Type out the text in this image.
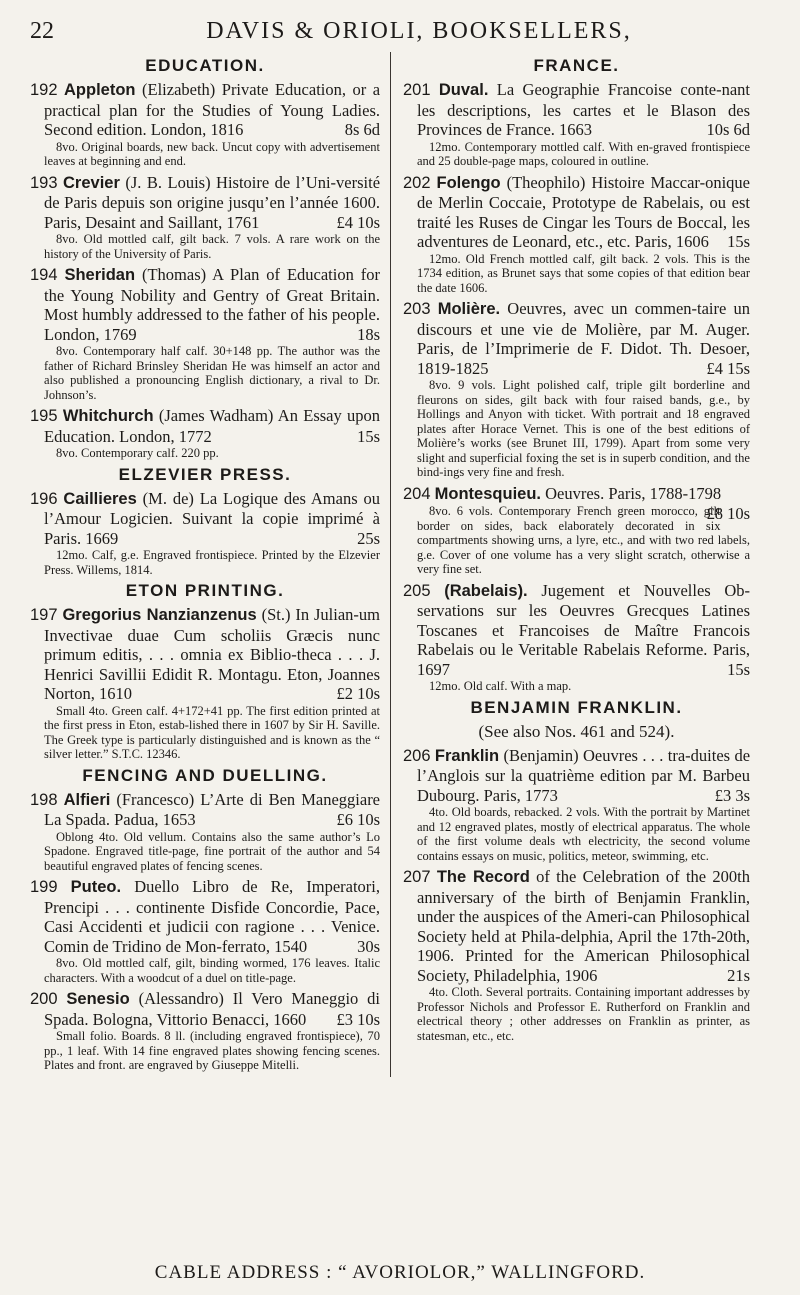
22	DAVIS & ORIOLI, BOOKSELLERS,
EDUCATION.
192 Appleton (Elizabeth) Private Education, or a practical plan for the Studies of Young Ladies. Second edition. London, 1816	8s 6d
8vo. Original boards, new back. Uncut copy with advertisement leaves at beginning and end.
193 Crevier (J. B. Louis) Histoire de l’Uni-versité de Paris depuis son origine jusqu’en l’année 1600. Paris, Desaint and Saillant, 1761	£4 10s
8vo. Old mottled calf, gilt back. 7 vols. A rare work on the history of the University of Paris.
194 Sheridan (Thomas) A Plan of Education for the Young Nobility and Gentry of Great Britain. Most humbly addressed to the father of his people. London, 1769	18s
8vo. Contemporary half calf. 30+148 pp. The author was the father of Richard Brinsley Sheridan He was himself an actor and also published a pronouncing English dictionary, a rival to Dr. Johnson’s.
195 Whitchurch (James Wadham) An Essay upon Education. London, 1772	15s
8vo. Contemporary calf. 220 pp.
ELZEVIER PRESS.
196 Caillieres (M. de) La Logique des Amans ou l’Amour Logicien. Suivant la copie imprimé à Paris. 1669	25s
12mo. Calf, g.e. Engraved frontispiece. Printed by the Elzevier Press. Willems, 1814.
ETON PRINTING.
197 Gregorius Nanzianzenus (St.) In Julian-um Invectivae duae Cum scholiis Græcis nunc primum editis, . . . omnia ex Biblio-theca . . . J. Henrici Savillii Edidit R. Montagu. Eton, Joannes Norton, 1610	£2 10s
Small 4to. Green calf. 4+172+41 pp. The first edition printed at the first press in Eton, estab-lished there in 1607 by Sir H. Saville. The Greek type is particularly distinguished and is known as the “ silver letter.” S.T.C. 12346.
FENCING AND DUELLING.
198 Alfieri (Francesco) L’Arte di Ben Maneggiare La Spada. Padua, 1653	£6 10s
Oblong 4to. Old vellum. Contains also the same author’s Lo Spadone. Engraved title-page, fine portrait of the author and 54 beautiful engraved plates of fencing scenes.
199 Puteo. Duello Libro de Re, Imperatori, Prencipi . . . continente Disfide Concordie, Pace, Casi Accidenti et judicii con ragione . . . Venice. Comin de Tridino de Mon-ferrato, 1540	30s
8vo. Old mottled calf, gilt, binding wormed, 176 leaves. Italic characters. With a woodcut of a duel on title-page.
200 Senesio (Alessandro) Il Vero Maneggio di Spada. Bologna, Vittorio Benacci, 1660 £3 10s
Small folio. Boards. 8 ll. (including engraved frontispiece), 70 pp., 1 leaf. With 14 fine engraved plates showing fencing scenes. Plates and front. are engraved by Giuseppe Mitelli.
FRANCE.
201 Duval. La Geographie Francoise conte-nant les descriptions, les cartes et le Blason des Provinces de France. 1663	10s 6d
12mo. Contemporary mottled calf. With en-graved frontispiece and 25 double-page maps, coloured in outline.
202 Folengo (Theophilo) Histoire Maccar-onique de Merlin Coccaie, Prototype de Rabelais, ou est traité les Ruses de Cingar les Tours de Boccal, les adventures de Leonard, etc., etc. Paris, 1606 15s
12mo. Old French mottled calf, gilt back. 2 vols. This is the 1734 edition, as Brunet says that some copies of that edition bear the date 1606.
203 Molière. Oeuvres, avec un commen-taire un discours et une vie de Molière, par M. Auger. Paris, de l’Imprimerie de F. Didot. Th. Desoer, 1819-1825	£4 15s
8vo. 9 vols. Light polished calf, triple gilt borderline and fleurons on sides, gilt back with four raised bands, g.e., by Hollings and Anyon with ticket. With portrait and 18 engraved plates after Horace Vernet. This is one of the best editions of Molière’s works (see Brunet III, 1799). Apart from some very slight and superficial foxing the set is in superb condition, and the bind-ings very fine and fresh.
204 Montesquieu. Oeuvres. Paris, 1788-1798
£8 10s
8vo. 6 vols. Contemporary French green morocco, gilt border on sides, back elaborately decorated in six compartments showing urns, a lyre, etc., and with two red labels, g.e. Cover of one volume has a very slight scratch, otherwise a very fine set.
205 (Rabelais). Jugement et Nouvelles Ob-servations sur les Oeuvres Grecques Latines Toscanes et Francoises de Maître Francois Rabelais ou le Veritable Rabelais Reforme. Paris, 1697	15s
12mo. Old calf. With a map.
BENJAMIN FRANKLIN.
(See also Nos. 461 and 524).
206 Franklin (Benjamin) Oeuvres . . . tra-duites de l’Anglois sur la quatrième edition par M. Barbeu Dubourg. Paris, 1773	£3 3s
4to. Old boards, rebacked. 2 vols. With the portrait by Martinet and 12 engraved plates, mostly of electrical apparatus. The whole of the first volume deals wth electricity, the second volume contains essays on music, politics, meteor, swimming, etc.
207 The Record of the Celebration of the 200th anniversary of the birth of Benjamin Franklin, under the auspices of the Ameri-can Philosophical Society held at Phila-delphia, April the 17th-20th, 1906. Printed for the American Philosophical Society, Philadelphia, 1906	21s
4to. Cloth. Several portraits. Containing important addresses by Professor Nichols and Professor E. Rutherford on Franklin and electrical theory ; other addresses on Franklin as printer, as statesman, etc., etc.
CABLE ADDRESS : “ AVORIOLOR,” WALLINGFORD.
